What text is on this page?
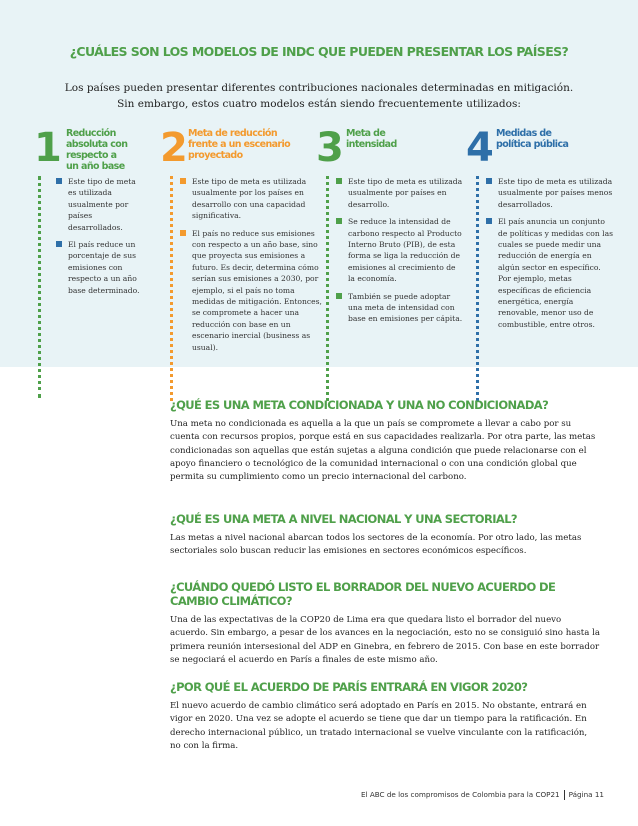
¿CUÁLES SON LOS MODELOS DE INDC QUE PUEDEN PRESENTAR LOS PAÍSES?
Los países pueden presentar diferentes contribuciones nacionales determinadas en mitigación.
Sin embargo, estos cuatro modelos están siendo frecuentemente utilizados:
1 Reducción absoluta con respecto a un año base
Este tipo de meta es utilizada usualmente por países desarrollados.
El país reduce un porcentaje de sus emisiones con respecto a un año base determinado.
2 Meta de reducción frente a un escenario proyectado
Este tipo de meta es utilizada usualmente por los países en desarrollo con una capacidad significativa.
El país no reduce sus emisiones con respecto a un año base, sino que proyecta sus emisiones a futuro. Es decir, determina cómo serían sus emisiones a 2030, por ejemplo, si el país no toma medidas de mitigación. Entonces, se compromete a hacer una reducción con base en un escenario inercial (business as usual).
3 Meta de intensidad
Este tipo de meta es utilizada usualmente por países en desarrollo.
Se reduce la intensidad de carbono respecto al Producto Interno Bruto (PIB), de esta forma se liga la reducción de emisiones al crecimiento de la economía.
También se puede adoptar una meta de intensidad con base en emisiones per cápita.
4 Medidas de política pública
Este tipo de meta es utilizada usualmente por países menos desarrollados.
El país anuncia un conjunto de políticas y medidas con las cuales se puede medir una reducción de energía en algún sector en específico. Por ejemplo, metas específicas de eficiencia energética, energía renovable, menor uso de combustible, entre otros.
¿QUÉ ES UNA META CONDICIONADA Y UNA NO CONDICIONADA?

Una meta no condicionada es aquella a la que un país se compromete a llevar a cabo por su cuenta con recursos propios, porque está en sus capacidades realizarla. Por otra parte, las metas condicionadas son aquellas que están sujetas a alguna condición que puede relacionarse con el apoyo financiero o tecnológico de la comunidad internacional o con una condición global que permita su cumplimiento como un precio internacional del carbono.

¿QUÉ ES UNA META A NIVEL NACIONAL Y UNA SECTORIAL?

Las metas a nivel nacional abarcan todos los sectores de la economía. Por otro lado, las metas sectoriales solo buscan reducir las emisiones en sectores económicos específicos.

¿CUÁNDO QUEDÓ LISTO EL BORRADOR DEL NUEVO ACUERDO DE CAMBIO CLIMÁTICO?

Una de las expectativas de la COP20 de Lima era que quedara listo el borrador del nuevo acuerdo. Sin embargo, a pesar de los avances en la negociación, esto no se consiguió sino hasta la primera reunión intersesional del ADP en Ginebra, en febrero de 2015. Con base en este borrador se negociará el acuerdo en París a finales de este mismo año.

¿POR QUÉ EL ACUERDO DE PARÍS ENTRARÁ EN VIGOR 2020?

El nuevo acuerdo de cambio climático será adoptado en París en 2015. No obstante, entrará en vigor en 2020. Una vez se adopte el acuerdo se tiene que dar un tiempo para la ratificación. En derecho internacional público, un tratado internacional se vuelve vinculante con la ratificación, no con la firma.

El ABC de los compromisos de Colombia para la COP21 Página 11
